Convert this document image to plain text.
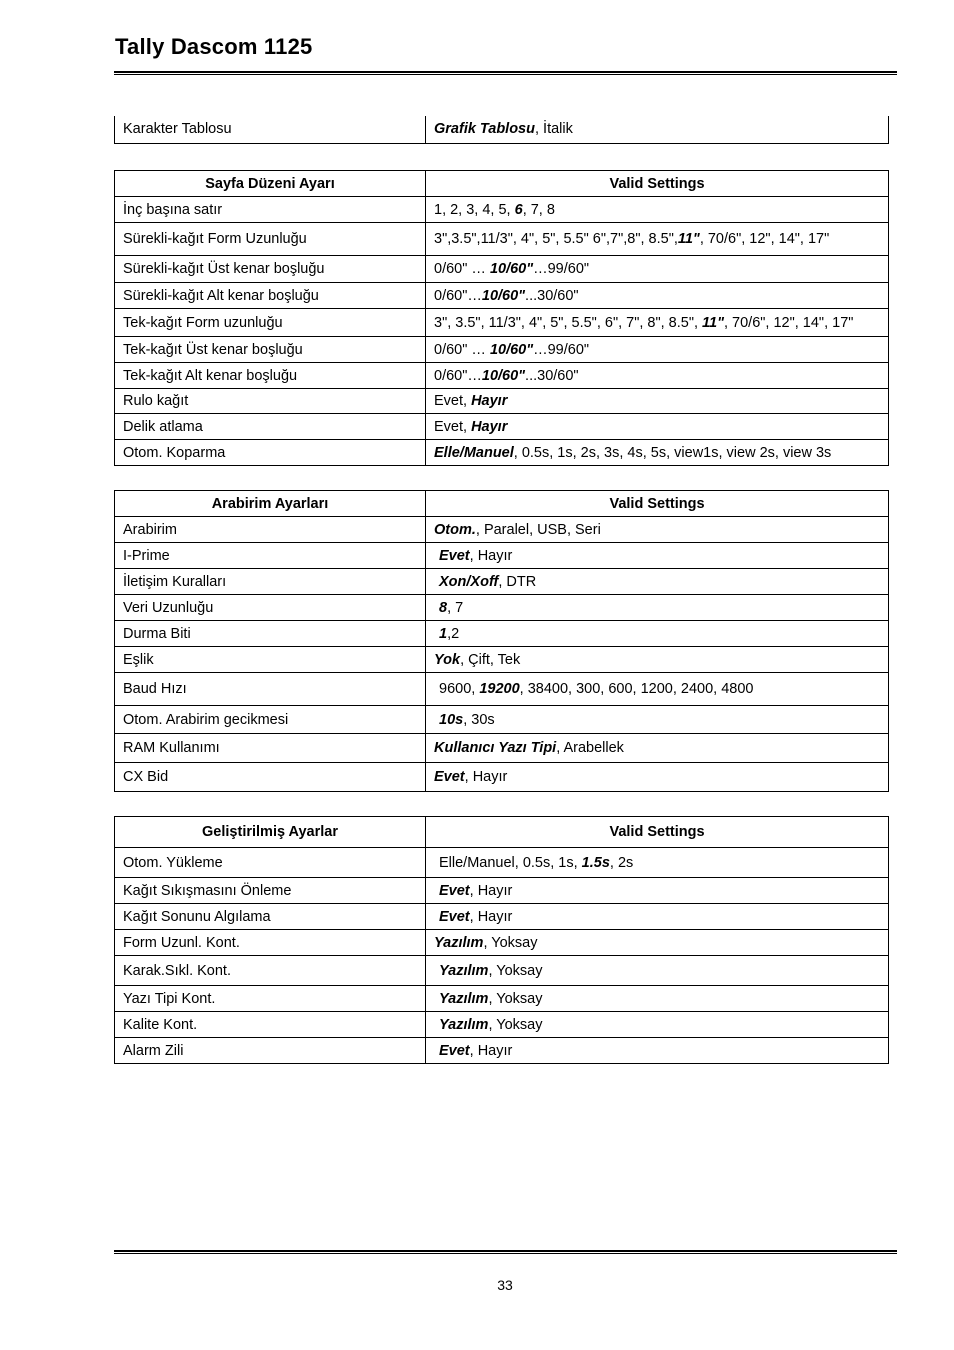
Tally Dascom 1125
Karakter Tablosu	Grafik Tablosu, İtalik
Sayfa Düzeni Ayarı	Valid Settings
İnç başına satır	1, 2, 3, 4, 5, 6, 7, 8
Sürekli-kağıt Form Uzunluğu	3",3.5",11/3", 4", 5", 5.5" 6",7",8", 8.5",11", 70/6", 12", 14", 17"
Sürekli-kağıt Üst kenar boşluğu	0/60" … 10/60"…99/60"
Sürekli-kağıt Alt kenar boşluğu	0/60"…10/60"...30/60"
Tek-kağıt Form uzunluğu	3", 3.5", 11/3", 4", 5", 5.5", 6", 7", 8", 8.5", 11", 70/6", 12", 14", 17"
Tek-kağıt Üst kenar boşluğu	0/60" … 10/60"…99/60"
Tek-kağıt Alt kenar boşluğu	0/60"…10/60"...30/60"
Rulo kağıt	Evet, Hayır
Delik atlama	Evet, Hayır
Otom. Koparma	Elle/Manuel, 0.5s, 1s, 2s, 3s, 4s, 5s, view1s, view 2s, view 3s
Arabirim Ayarları	Valid Settings
Arabirim	Otom., Paralel, USB, Seri
I-Prime	Evet, Hayır
İletişim Kuralları	Xon/Xoff, DTR
Veri Uzunluğu	8, 7
Durma Biti	1,2
Eşlik	Yok, Çift, Tek
Baud Hızı	9600, 19200, 38400, 300, 600, 1200, 2400, 4800
Otom. Arabirim gecikmesi	10s, 30s
RAM Kullanımı	Kullanıcı Yazı Tipi, Arabellek
CX Bid	Evet, Hayır
Geliştirilmiş Ayarlar	Valid Settings
Otom. Yükleme	Elle/Manuel, 0.5s, 1s, 1.5s, 2s
Kağıt Sıkışmasını Önleme	Evet, Hayır
Kağıt Sonunu Algılama	Evet, Hayır
Form Uzunl. Kont.	Yazılım, Yoksay
Karak.Sıkl. Kont.	Yazılım, Yoksay
Yazı Tipi Kont.	Yazılım, Yoksay
Kalite Kont.	Yazılım, Yoksay
Alarm Zili	Evet, Hayır
33
